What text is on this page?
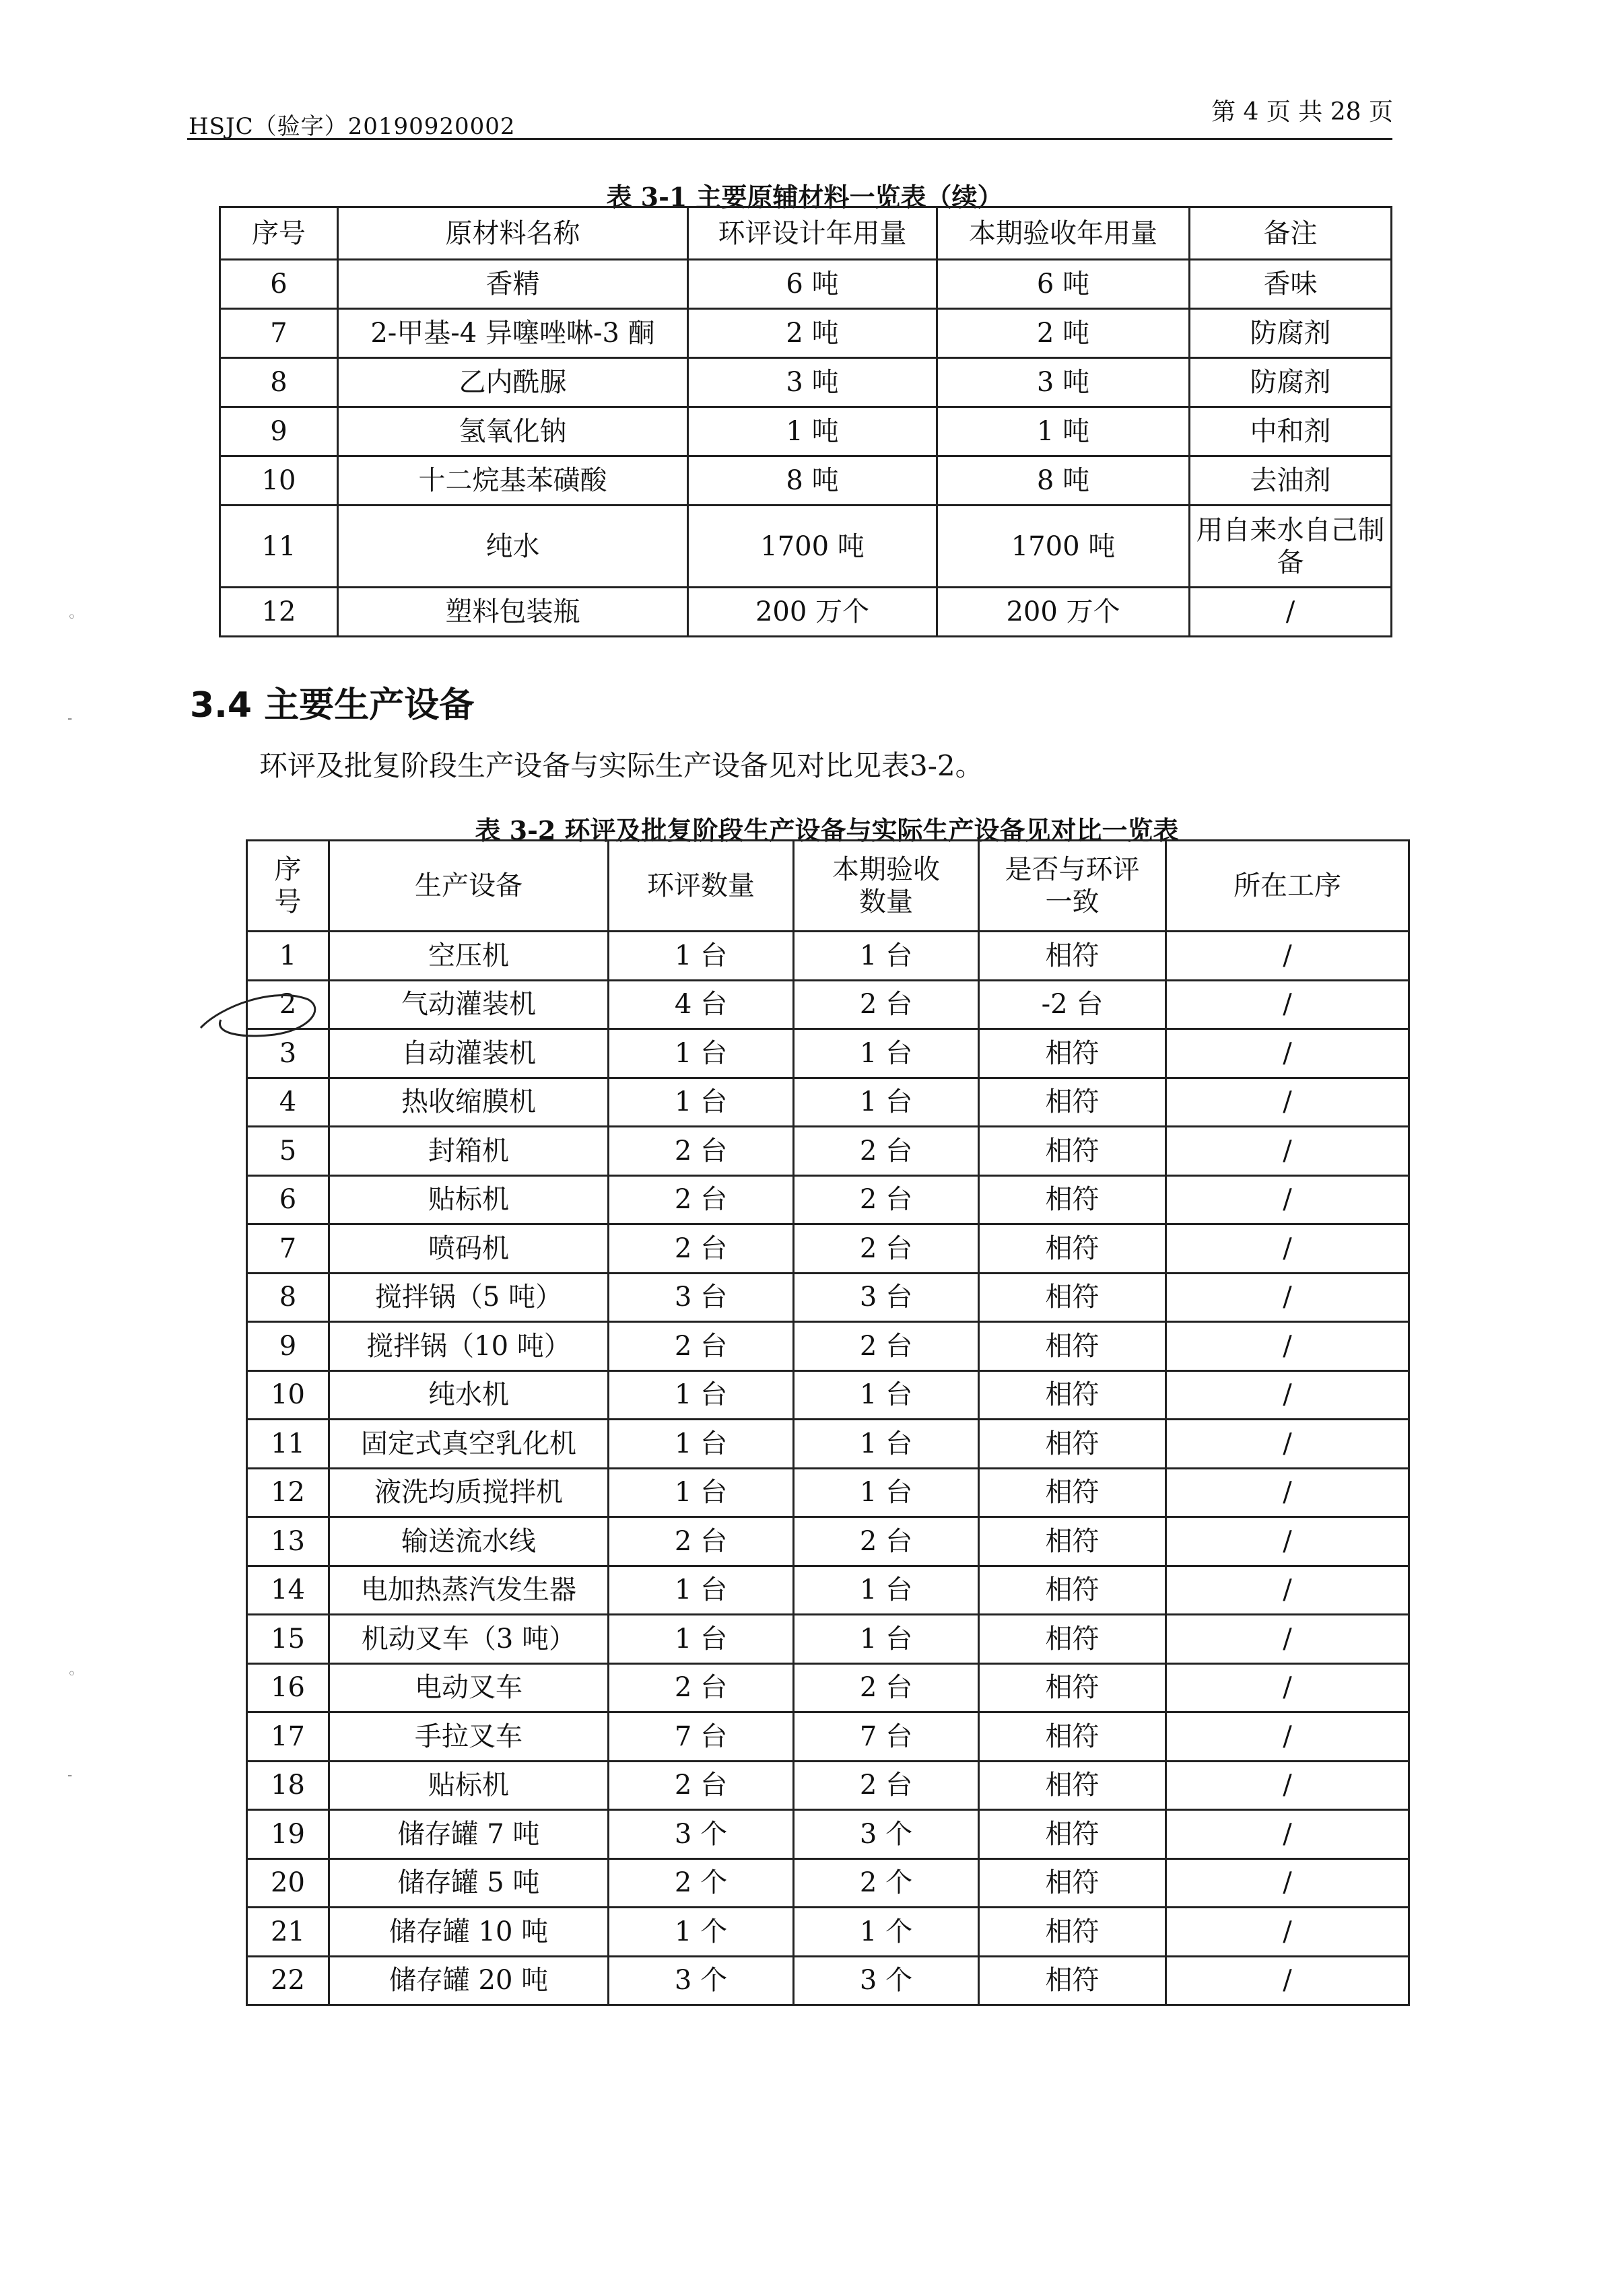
HSJC（验字）20190920002
第 4 页 共 28 页
表 3-1 主要原辅材料一览表（续）
序号	原材料名称	环评设计年用量	本期验收年用量	备注
6	香精	6 吨	6 吨	香味
7	2-甲基-4 异噻唑啉-3 酮	2 吨	2 吨	防腐剂
8	乙内酰脲	3 吨	3 吨	防腐剂
9	氢氧化钠	1 吨	1 吨	中和剂
10	十二烷基苯磺酸	8 吨	8 吨	去油剂
11	纯水	1700 吨	1700 吨	用自来水自己制备
12	塑料包装瓶	200 万个	200 万个	/
3.4 主要生产设备
环评及批复阶段生产设备与实际生产设备见对比见表3-2。
表 3-2 环评及批复阶段生产设备与实际生产设备见对比一览表
序号	生产设备	环评数量	本期验收数量	是否与环评一致	所在工序
1	空压机	1 台	1 台	相符	/
2	气动灌装机	4 台	2 台	-2 台	/
3	自动灌装机	1 台	1 台	相符	/
4	热收缩膜机	1 台	1 台	相符	/
5	封箱机	2 台	2 台	相符	/
6	贴标机	2 台	2 台	相符	/
7	喷码机	2 台	2 台	相符	/
8	搅拌锅（5 吨）	3 台	3 台	相符	/
9	搅拌锅（10 吨）	2 台	2 台	相符	/
10	纯水机	1 台	1 台	相符	/
11	固定式真空乳化机	1 台	1 台	相符	/
12	液洗均质搅拌机	1 台	1 台	相符	/
13	输送流水线	2 台	2 台	相符	/
14	电加热蒸汽发生器	1 台	1 台	相符	/
15	机动叉车（3 吨）	1 台	1 台	相符	/
16	电动叉车	2 台	2 台	相符	/
17	手拉叉车	7 台	7 台	相符	/
18	贴标机	2 台	2 台	相符	/
19	储存罐 7 吨	3 个	3 个	相符	/
20	储存罐 5 吨	2 个	2 个	相符	/
21	储存罐 10 吨	1 个	1 个	相符	/
22	储存罐 20 吨	3 个	3 个	相符	/
◦
-
◦
-
